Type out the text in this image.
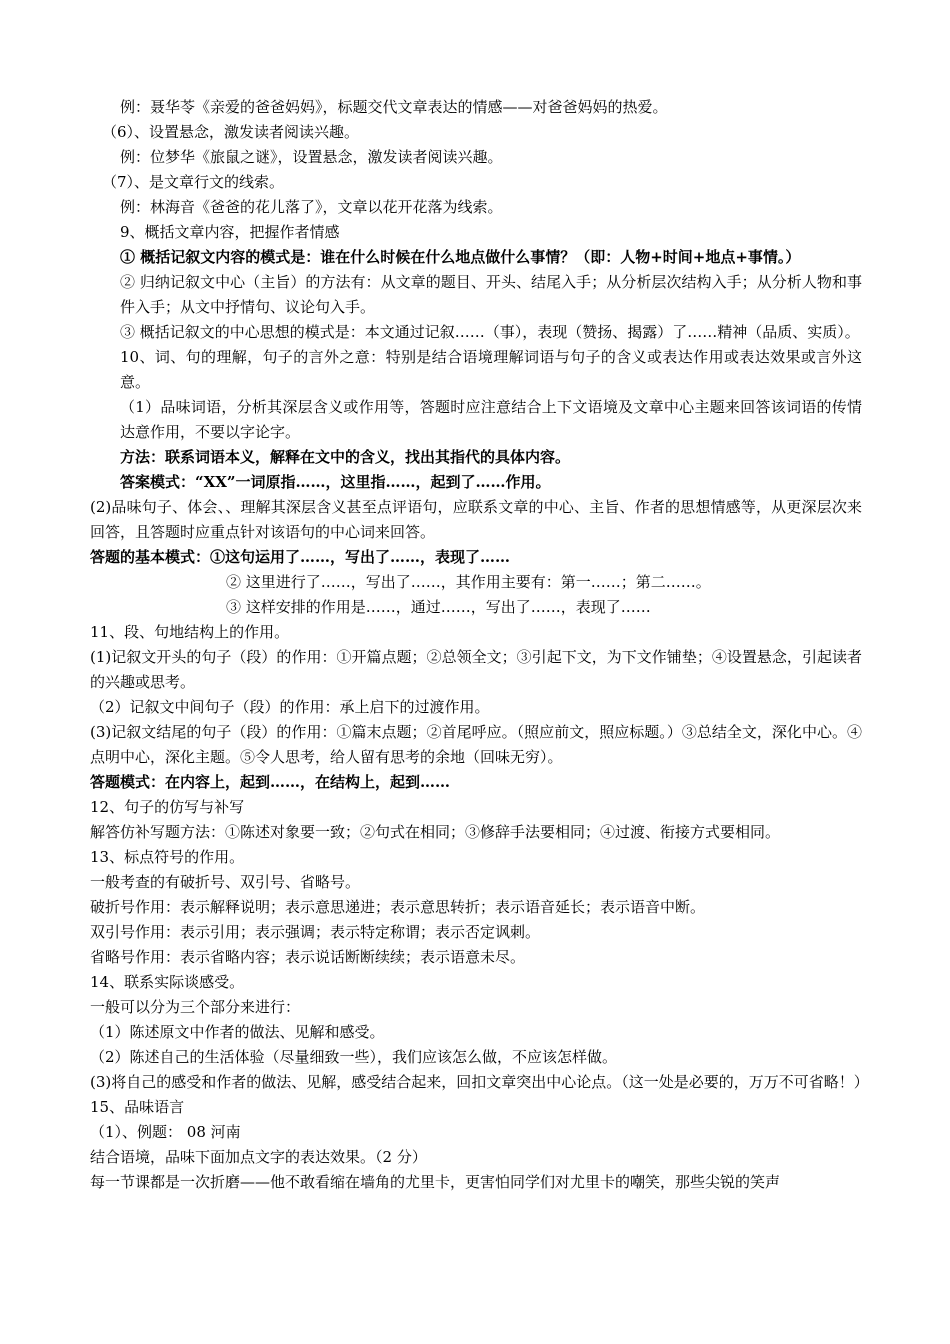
例：聂华苓《亲爱的爸爸妈妈》，标题交代文章表达的情感——对爸爸妈妈的热爱。

（6）、设置悬念，激发读者阅读兴趣。

例：位梦华《旅鼠之谜》，设置悬念，激发读者阅读兴趣。

（7）、是文章行文的线索。

例：林海音《爸爸的花儿落了》，文章以花开花落为线索。

9、概括文章内容，把握作者情感

① 概括记叙文内容的模式是：谁在什么时候在什么地点做什么事情？（即：人物+时间+地点+事情。）

② 归纳记叙文中心（主旨）的方法有：从文章的题目、开头、结尾入手；从分析层次结构入手；从分析人物和事件入手；从文中抒情句、议论句入手。

③ 概括记叙文的中心思想的模式是：本文通过记叙……（事），表现（赞扬、揭露）了……精神（品质、实质）。

10、词、句的理解，句子的言外之意：特别是结合语境理解词语与句子的含义或表达作用或表达效果或言外这意。

（1）品味词语，分析其深层含义或作用等，答题时应注意结合上下文语境及文章中心主题来回答该词语的传情达意作用，不要以字论字。

方法：联系词语本义，解释在文中的含义，找出其指代的具体内容。

答案模式：“XX”一词原指……，这里指……，起到了……作用。

(2)品味句子、体会、、理解其深层含义甚至点评语句，应联系文章的中心、主旨、作者的思想情感等，从更深层次来回答，且答题时应重点针对该语句的中心词来回答。

答题的基本模式：①这句运用了……，写出了……，表现了……

② 这里进行了……，写出了……，其作用主要有：第一……；第二……。

③ 这样安排的作用是……，通过……，写出了……，表现了……

11、段、句地结构上的作用。

(1)记叙文开头的句子（段）的作用：①开篇点题；②总领全文；③引起下文，为下文作铺垫；④设置悬念，引起读者的兴趣或思考。

（2）记叙文中间句子（段）的作用：承上启下的过渡作用。

(3)记叙文结尾的句子（段）的作用：①篇末点题；②首尾呼应。（照应前文，照应标题。）③总结全文，深化中心。④点明中心，深化主题。⑤令人思考，给人留有思考的余地（回味无穷）。

答题模式：在内容上，起到……，在结构上，起到……

12、句子的仿写与补写

解答仿补写题方法：①陈述对象要一致；②句式在相同；③修辞手法要相同；④过渡、衔接方式要相同。

13、标点符号的作用。

一般考查的有破折号、双引号、省略号。

破折号作用：表示解释说明；表示意思递进；表示意思转折；表示语音延长；表示语音中断。

双引号作用：表示引用；表示强调；表示特定称谓；表示否定讽刺。

省略号作用：表示省略内容；表示说话断断续续；表示语意未尽。

14、联系实际谈感受。

一般可以分为三个部分来进行：

（1）陈述原文中作者的做法、见解和感受。

（2）陈述自己的生活体验（尽量细致一些），我们应该怎么做，不应该怎样做。

(3)将自己的感受和作者的做法、见解，感受结合起来，回扣文章突出中心论点。（这一处是必要的，万万不可省略！）

15、品味语言

（1）、例题： 08 河南

结合语境，品味下面加点文字的表达效果。（2 分）

每一节课都是一次折磨——他不敢看缩在墙角的尤里卡，更害怕同学们对尤里卡的嘲笑，那些尖锐的笑声
